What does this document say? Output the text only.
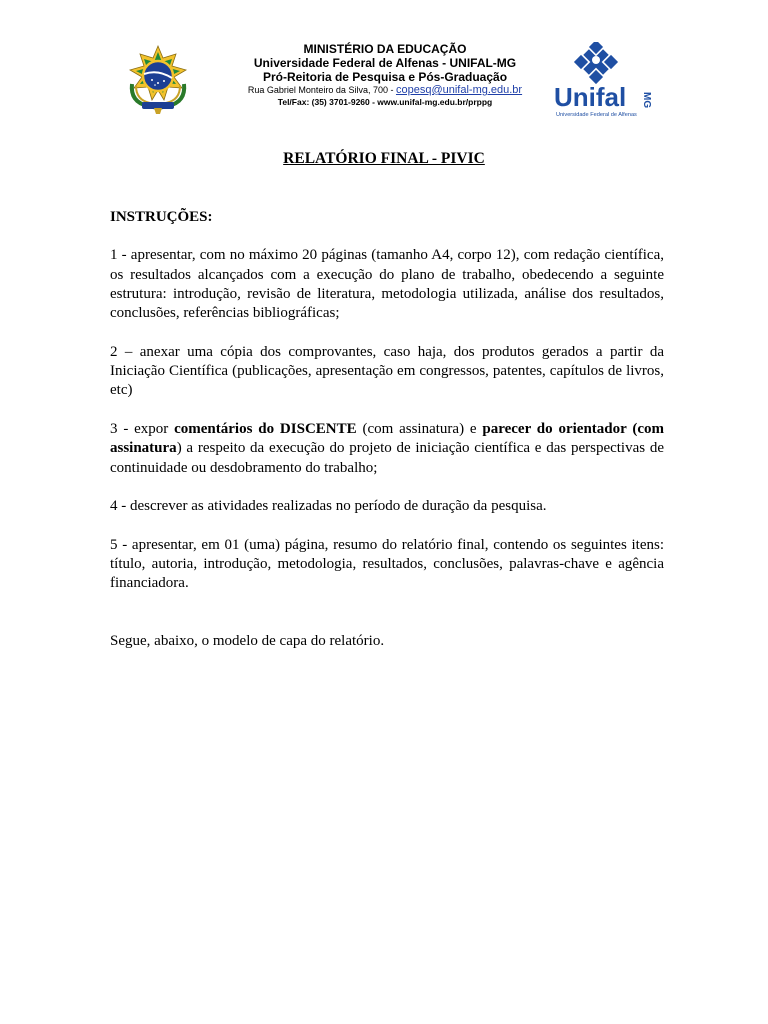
MINISTÉRIO DA EDUCAÇÃO
Universidade Federal de Alfenas - UNIFAL-MG
Pró-Reitoria de Pesquisa e Pós-Graduação
Rua Gabriel Monteiro da Silva, 700 - copesq@unifal-mg.edu.br
Tel/Fax: (35) 3701-9260 - www.unifal-mg.edu.br/prppg	Unifal MG
Universidade Federal de Alfenas
RELATÓRIO FINAL - PIVIC

INSTRUÇÕES:

1 - apresentar, com no máximo 20 páginas (tamanho A4, corpo 12), com redação científica, os resultados alcançados com a execução do plano de trabalho, obedecendo a seguinte estrutura: introdução, revisão de literatura, metodologia utilizada, análise dos resultados, conclusões, referências bibliográficas;

2 – anexar uma cópia dos comprovantes, caso haja, dos produtos gerados a partir da Iniciação Científica (publicações, apresentação em congressos, patentes, capítulos de livros, etc)

3 - expor comentários do DISCENTE (com assinatura) e parecer do orientador (com assinatura) a respeito da execução do projeto de iniciação científica e das perspectivas de continuidade ou desdobramento do trabalho;

4 - descrever as atividades realizadas no período de duração da pesquisa.

5 - apresentar, em 01 (uma) página, resumo do relatório final, contendo os seguintes itens: título, autoria, introdução, metodologia, resultados, conclusões, palavras-chave e agência financiadora.

Segue, abaixo, o modelo de capa do relatório.
